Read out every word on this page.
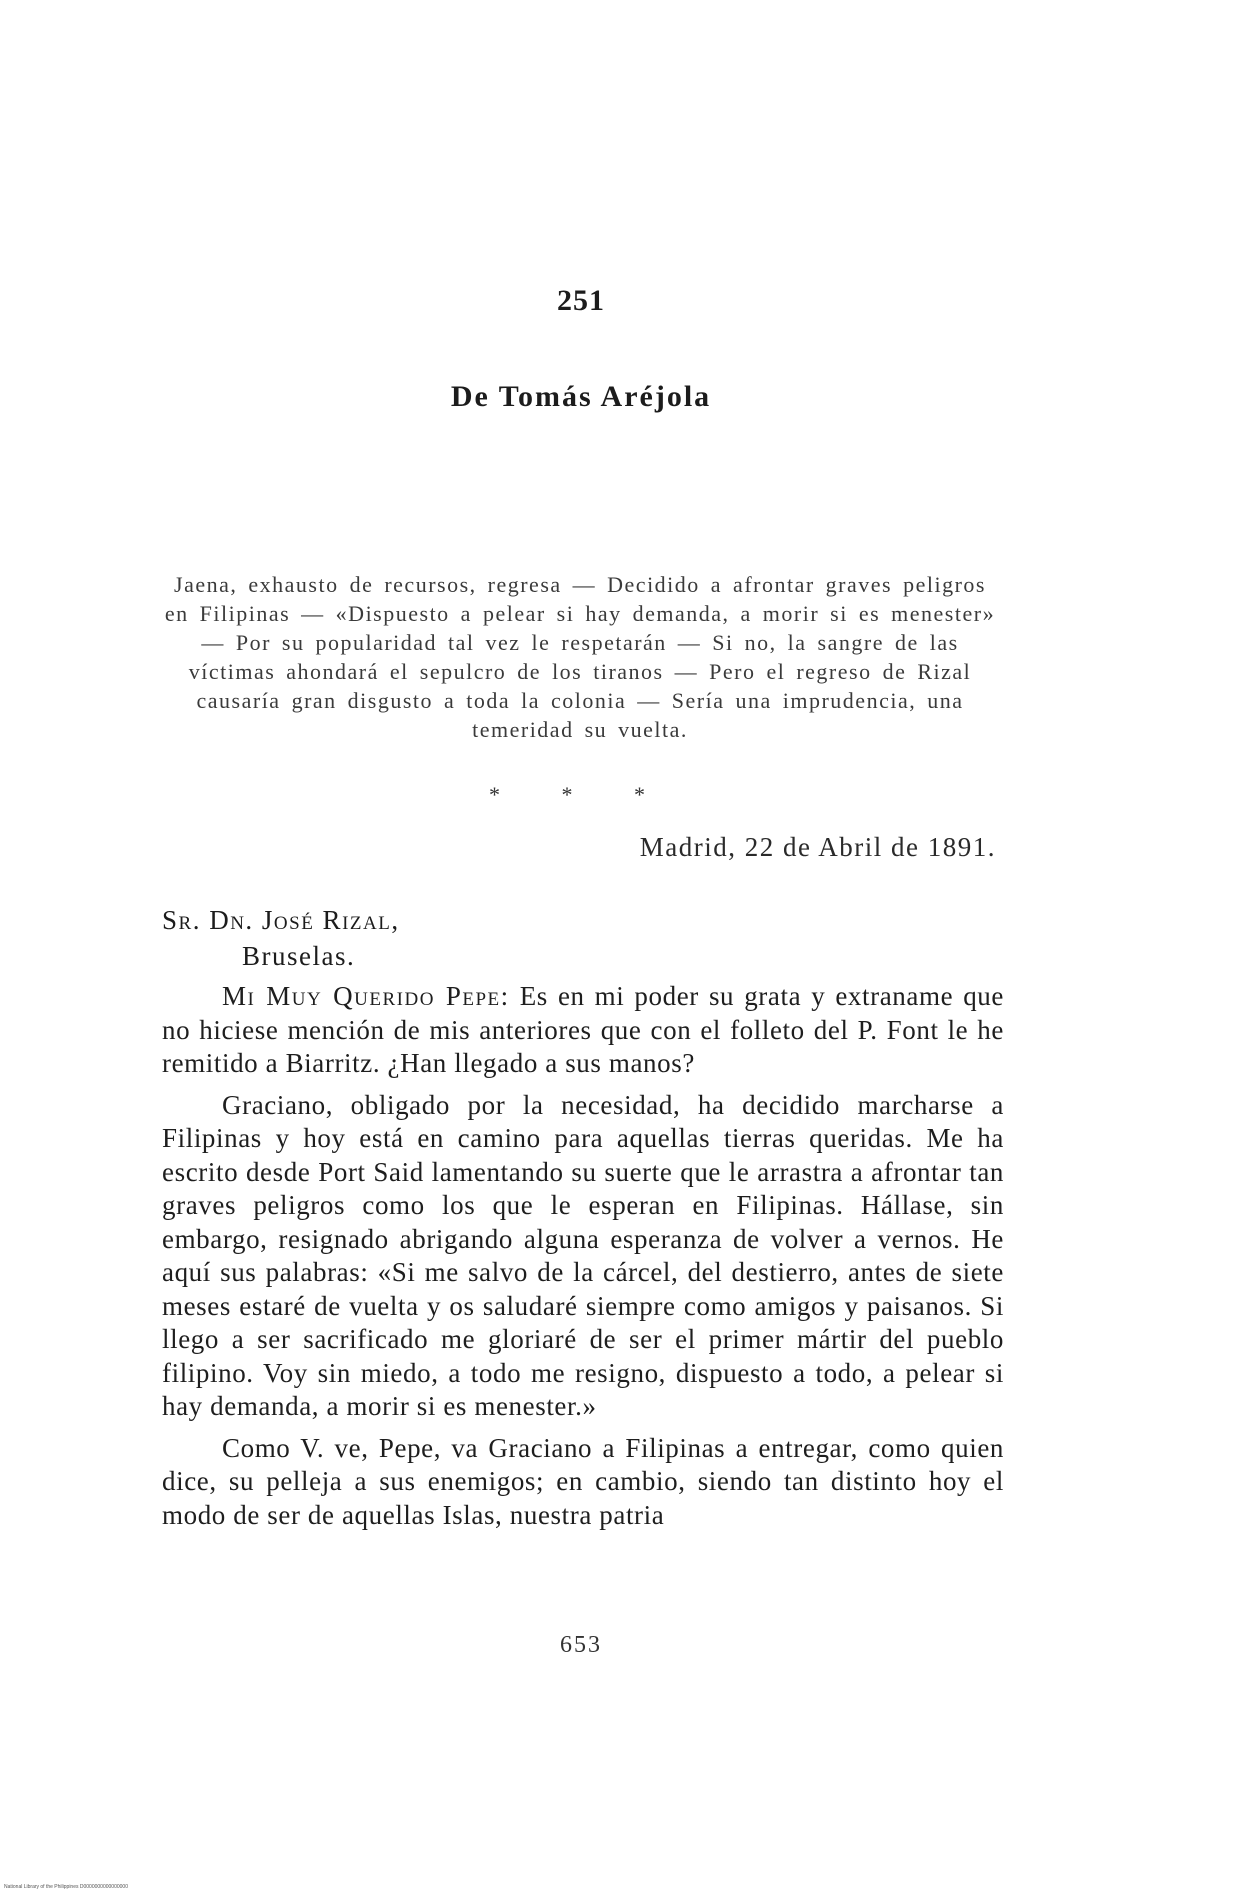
251
De Tomás Aréjola
Jaena, exhausto de recursos, regresa — Decidido a afrontar graves peligros en Filipinas — «Dispuesto a pelear si hay demanda, a morir si es menester» — Por su popularidad tal vez le respetarán — Si no, la sangre de las víctimas ahondará el sepulcro de los tiranos — Pero el regreso de Rizal causaría gran disgusto a toda la colonia — Sería una imprudencia, una temeridad su vuelta.
* * *
Madrid, 22 de Abril de 1891.
Sr. Dn. José Rizal,
Bruselas.

Mi Muy Querido Pepe: Es en mi poder su grata y extraname que no hiciese mención de mis anteriores que con el folleto del P. Font le he remitido a Biarritz. ¿Han llegado a sus manos?

Graciano, obligado por la necesidad, ha decidido marcharse a Filipinas y hoy está en camino para aquellas tierras queridas. Me ha escrito desde Port Said lamentando su suerte que le arrastra a afrontar tan graves peligros como los que le esperan en Filipinas. Hállase, sin embargo, resignado abrigando alguna esperanza de volver a vernos. He aquí sus palabras: «Si me salvo de la cárcel, del destierro, antes de siete meses estaré de vuelta y os saludaré siempre como amigos y paisanos. Si llego a ser sacrificado me gloriaré de ser el primer mártir del pueblo filipino. Voy sin miedo, a todo me resigno, dispuesto a todo, a pelear si hay demanda, a morir si es menester.»

Como V. ve, Pepe, va Graciano a Filipinas a entregar, como quien dice, su pelleja a sus enemigos; en cambio, siendo tan distinto hoy el modo de ser de aquellas Islas, nuestra patria

653
National Library of the Philippines D0000000000000000
